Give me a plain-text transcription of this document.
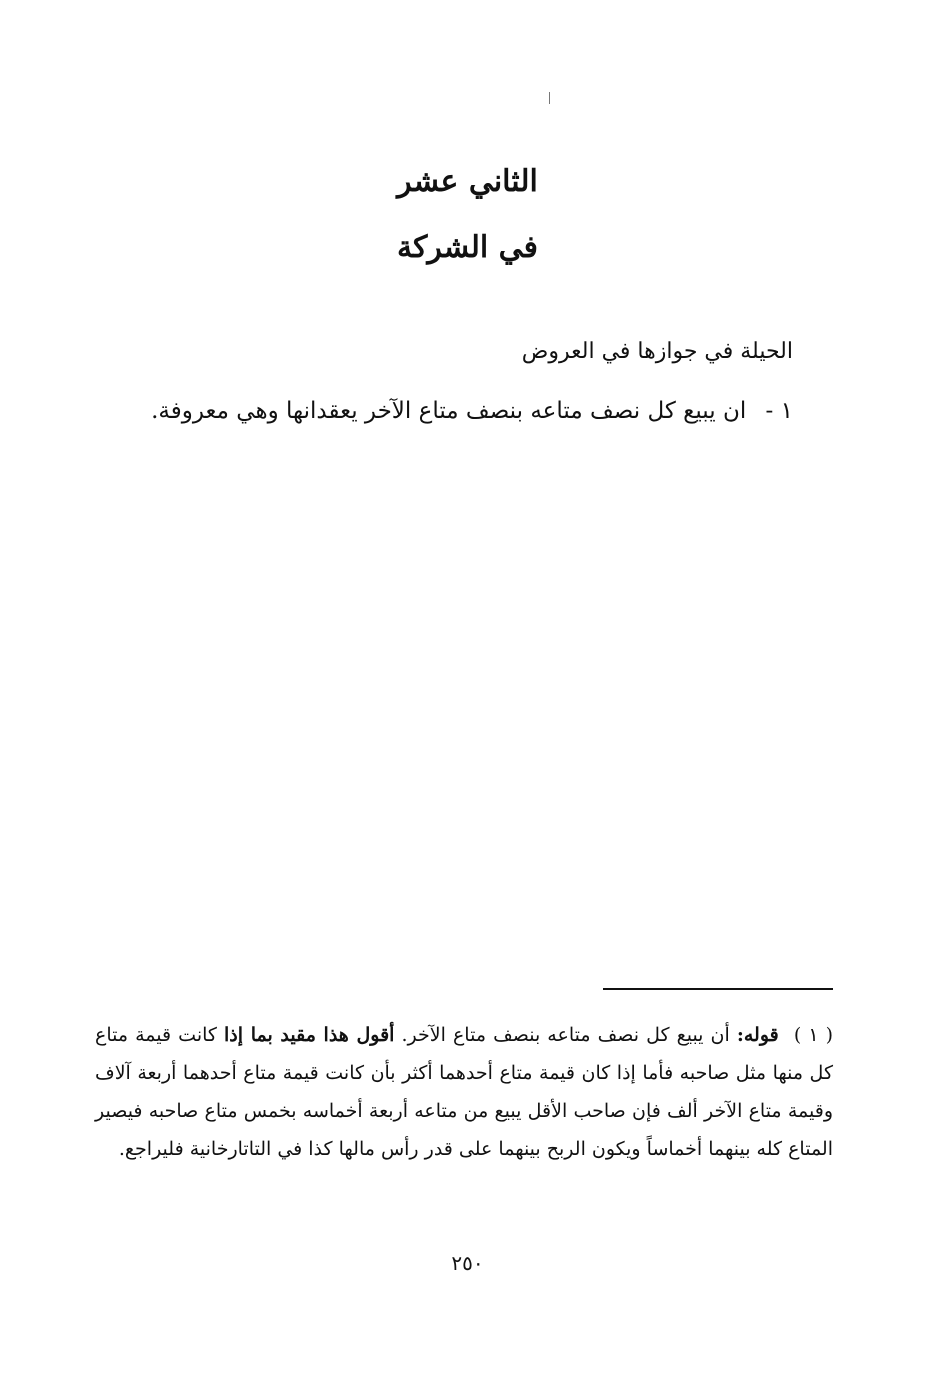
الثاني عشر
في الشركة

الحيلة في جوازها في العروض

١ - ان يبيع كل نصف متاعه بنصف متاع الآخر يعقدانها وهي معروفة.

( ١ ) قوله: أن يبيع كل نصف متاعه بنصف متاع الآخر. أقول هذا مقيد بما إذا كانت قيمة متاع كل منها مثل صاحبه فأما إذا كان قيمة متاع أحدهما أكثر بأن كانت قيمة متاع أحدهما أربعة آلاف وقيمة متاع الآخر ألف فإن صاحب الأقل يبيع من متاعه أربعة أخماسه بخمس متاع صاحبه فيصير المتاع كله بينهما أخماساً ويكون الربح بينهما على قدر رأس مالها كذا في التاتارخانية فليراجع.

٢٥٠
